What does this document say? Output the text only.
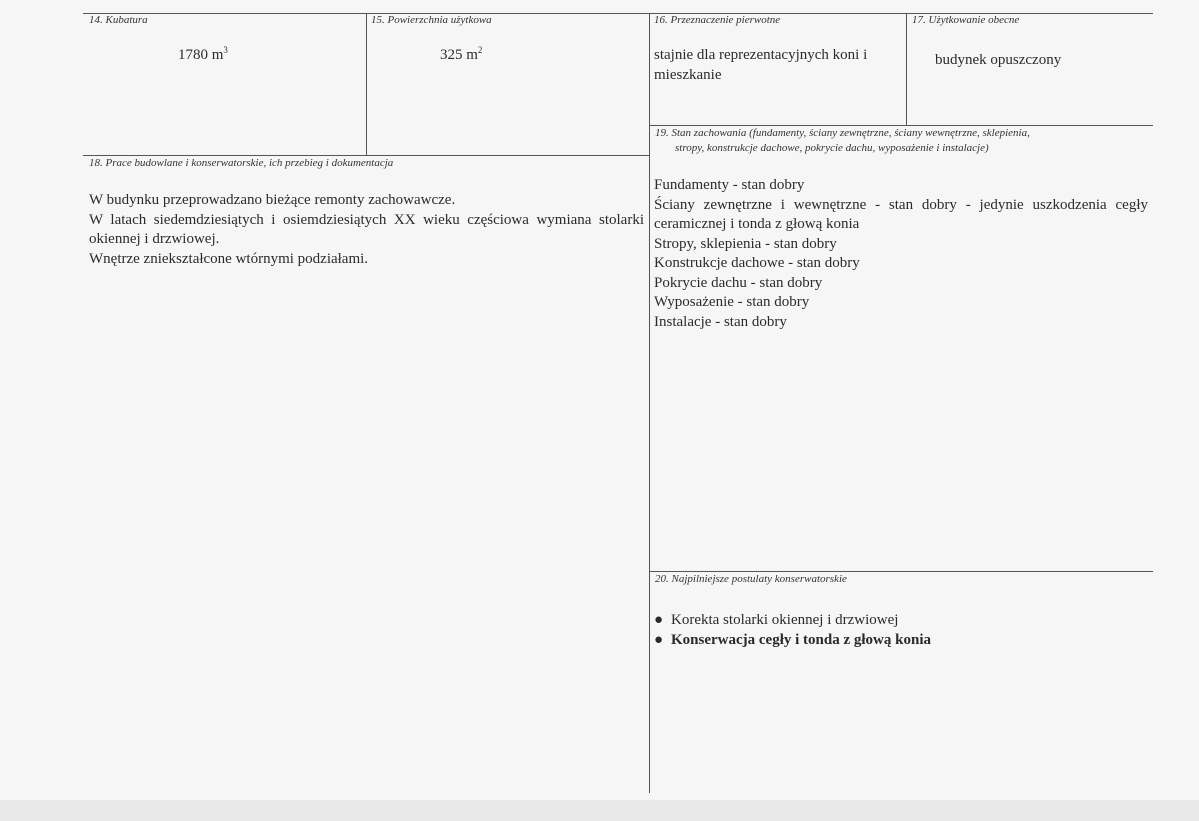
14. Kubatura
1780 $m^3$
15. Powierzchnia użytkowa
325 $m^2$
16. Przeznaczenie pierwotne
stajnie dla reprezentacyjnych koni i
mieszkanie
17. Użytkowanie obecne
budynek opuszczony
18. Prace budowlane i konserwatorskie, ich przebieg i dokumentacja
W budynku przeprowadzano bieżące remonty zachowawcze.
W latach siedemdziesiątych i osiemdziesiątych XX wieku częściowa wymiana stolarki
okiennej i drzwiowej.
Wnętrze zniekształcone wtórnymi podziałami.
19. Stan zachowania (fundamenty, ściany zewnętrzne, ściany wewnętrzne, sklepienia,
stropy, konstrukcje dachowe, pokrycie dachu, wyposażenie i instalacje)
Fundamenty - stan dobry
Ściany zewnętrzne i wewnętrzne - stan dobry - jedynie uszkodzenia cegły
ceramicznej i tonda z głową konia
Stropy, sklepienia - stan dobry
Konstrukcje dachowe - stan dobry
Pokrycie dachu - stan dobry
Wyposażenie - stan dobry
Instalacje - stan dobry
20. Najpilniejsze postulaty konserwatorskie
● Korekta stolarki okiennej i drzwiowej
● Konserwacja cegły i tonda z głową konia
